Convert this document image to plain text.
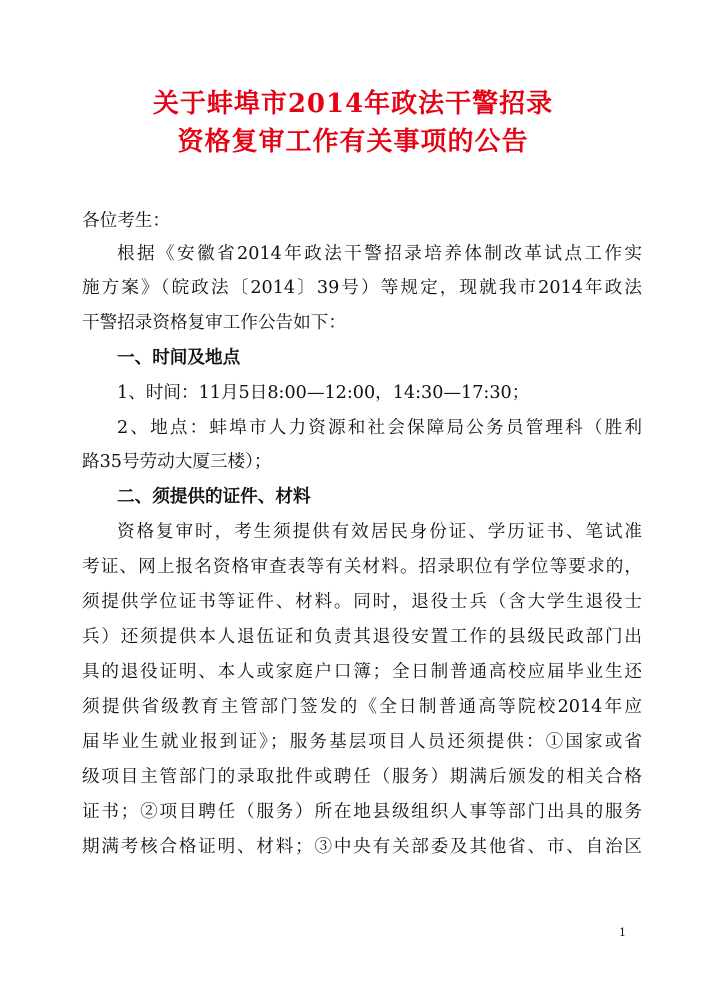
关于蚌埠市2014年政法干警招录
资格复审工作有关事项的公告
各位考生：
根据《安徽省2014年政法干警招录培养体制改革试点工作实
施方案》（皖政法〔2014〕39号）等规定，现就我市2014年政法
干警招录资格复审工作公告如下：
一、时间及地点
1、时间：11月5日8:00—12:00，14:30—17:30；
2、地点：蚌埠市人力资源和社会保障局公务员管理科（胜利
路35号劳动大厦三楼）；
二、须提供的证件、材料
资格复审时，考生须提供有效居民身份证、学历证书、笔试准
考证、网上报名资格审查表等有关材料。招录职位有学位等要求的，
须提供学位证书等证件、材料。同时，退役士兵（含大学生退役士
兵）还须提供本人退伍证和负责其退役安置工作的县级民政部门出
具的退役证明、本人或家庭户口簿；全日制普通高校应届毕业生还
须提供省级教育主管部门签发的《全日制普通高等院校2014年应
届毕业生就业报到证》；服务基层项目人员还须提供：①国家或省
级项目主管部门的录取批件或聘任（服务）期满后颁发的相关合格
证书；②项目聘任（服务）所在地县级组织人事等部门出具的服务
期满考核合格证明、材料；③中央有关部委及其他省、市、自治区
1
